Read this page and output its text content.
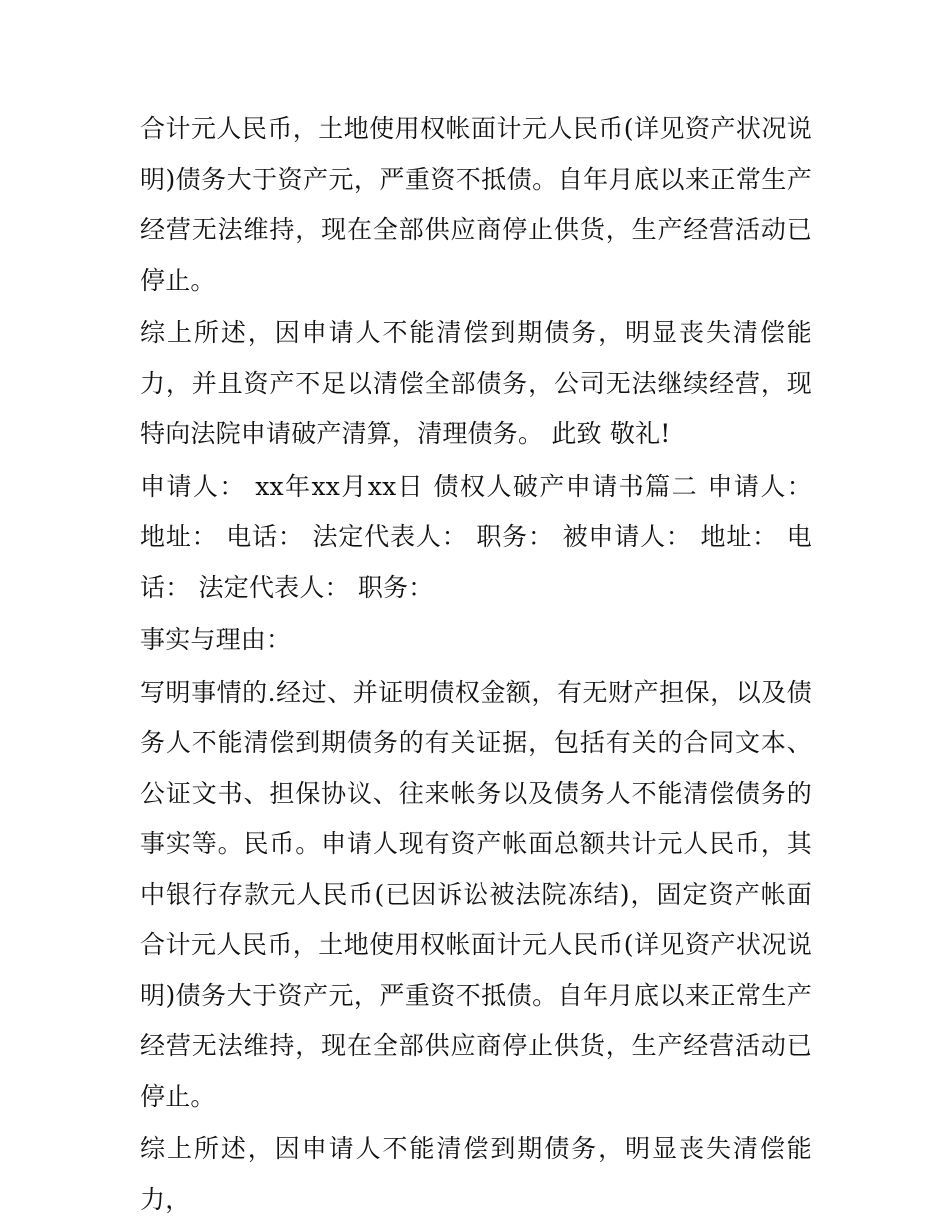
合计元人民币，土地使用权帐面计元人民币(详见资产状况说明)债务大于资产元，严重资不抵债。自年月底以来正常生产经营无法维持，现在全部供应商停止供货，生产经营活动已停止。

综上所述，因申请人不能清偿到期债务，明显丧失清偿能力，并且资产不足以清偿全部债务，公司无法继续经营，现特向法院申请破产清算，清理债务。 此致 敬礼!

申请人： xx年xx月xx日 债权人破产申请书篇二 申请人： 地址： 电话： 法定代表人： 职务： 被申请人： 地址： 电话： 法定代表人： 职务：

事实与理由：

写明事情的.经过、并证明债权金额，有无财产担保，以及债务人不能清偿到期债务的有关证据，包括有关的合同文本、公证文书、担保协议、往来帐务以及债务人不能清偿债务的事实等。民币。申请人现有资产帐面总额共计元人民币，其中银行存款元人民币(已因诉讼被法院冻结)，固定资产帐面合计元人民币，土地使用权帐面计元人民币(详见资产状况说明)债务大于资产元，严重资不抵债。自年月底以来正常生产经营无法维持，现在全部供应商停止供货，生产经营活动已停止。

综上所述，因申请人不能清偿到期债务，明显丧失清偿能力，
